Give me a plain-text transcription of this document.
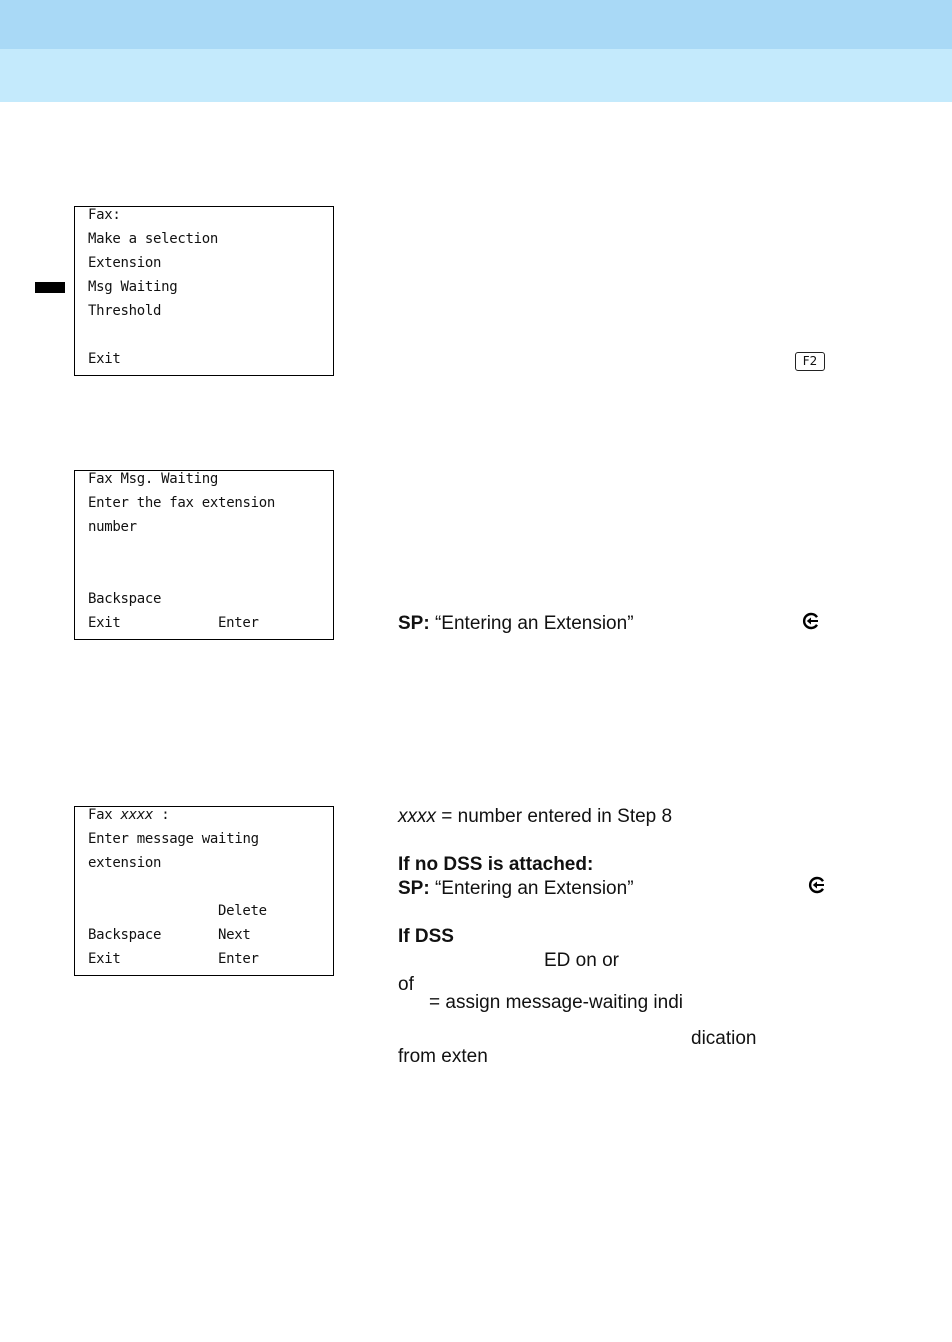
Fax:
Make a selection
Extension
Msg Waiting
Threshold
Exit	F2
Fax Msg. Waiting
Enter the fax extension
number
Backspace
Exit	Enter	SP: “Entering an Extension”
Fax xxxx :
Enter message waiting
extension
Delete
Backspace	Next
Exit	Enter
xxxx = number entered in Step 8
If no DSS is attached:
SP: “Entering an Extension”
If DSS
ED on or
of
= assign message-waiting indi
dication
from exten
